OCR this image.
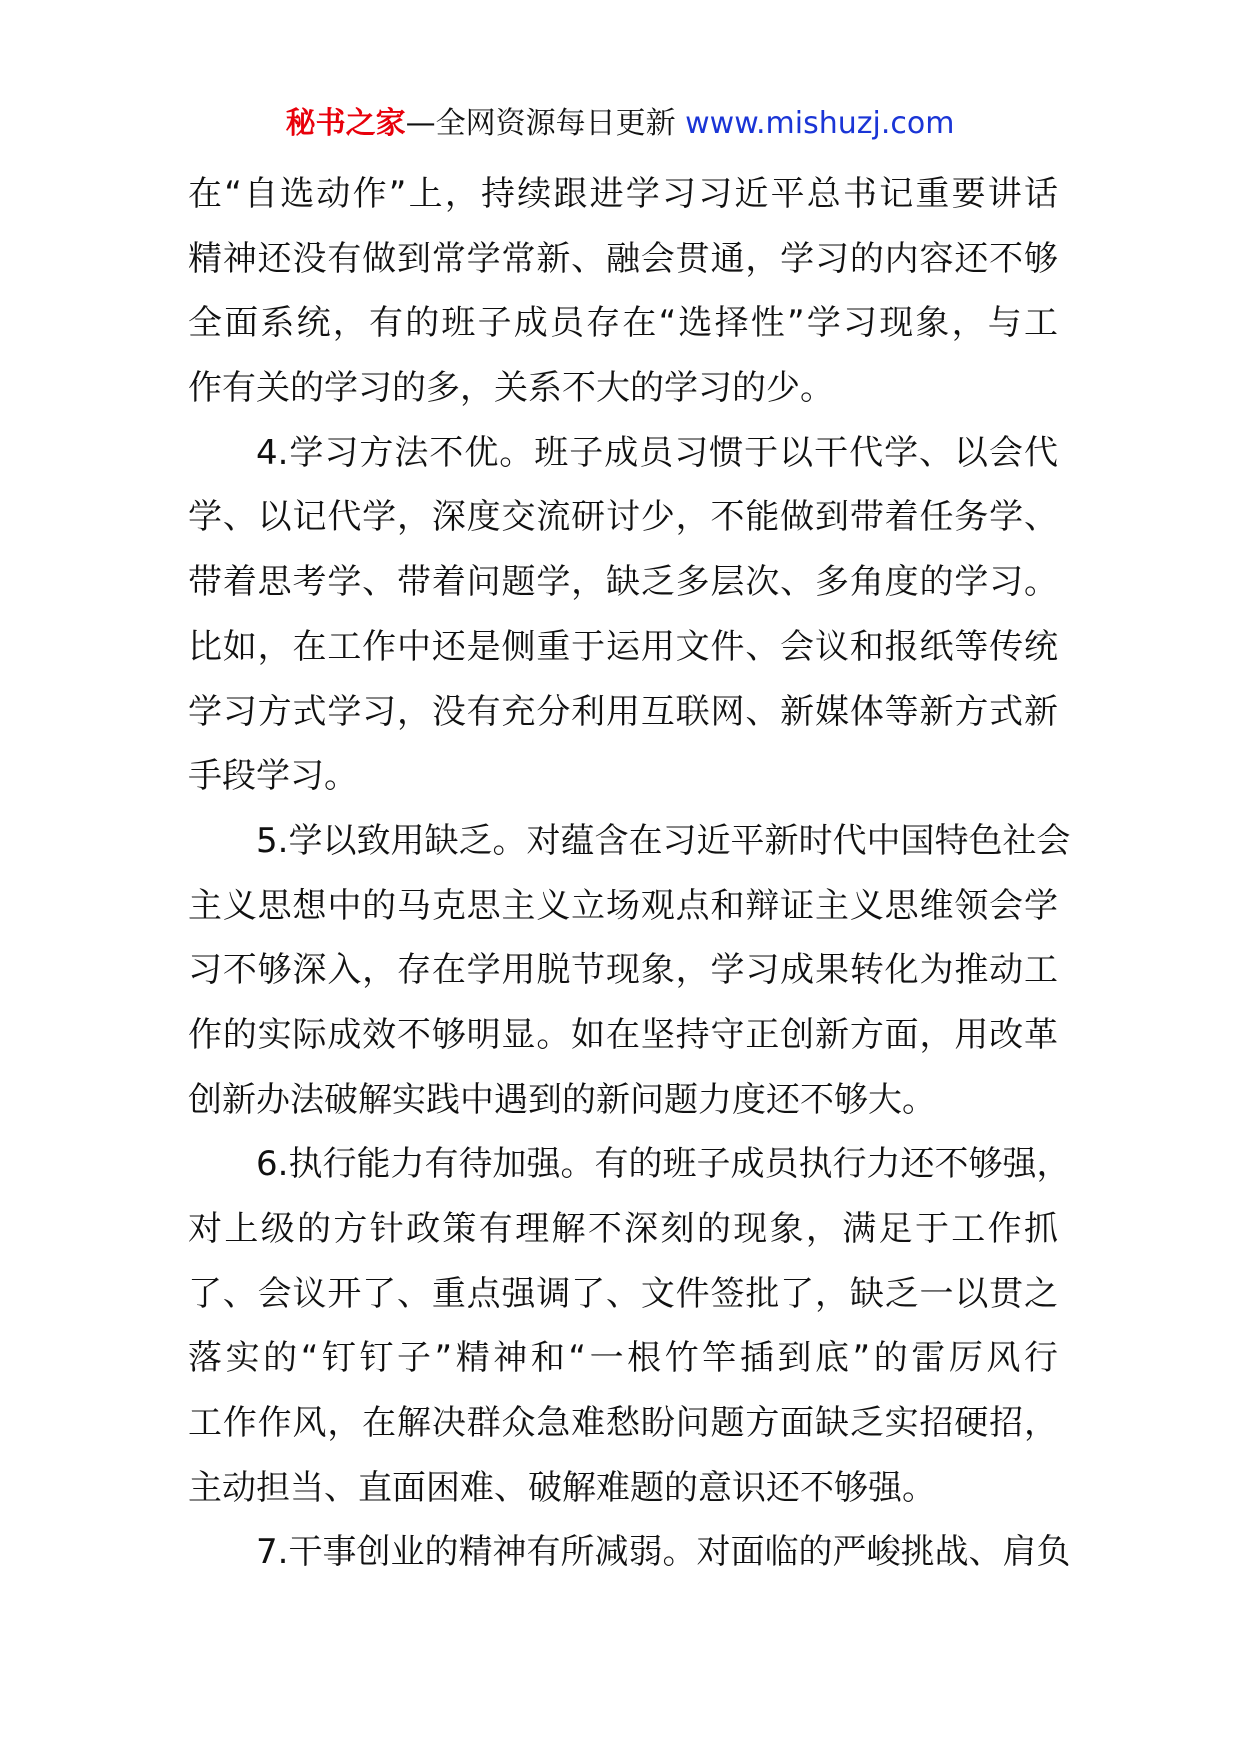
秘书之家—全网资源每日更新 www.mishuzj.com
在“自选动作”上，持续跟进学习习近平总书记重要讲话
精神还没有做到常学常新、融会贯通，学习的内容还不够
全面系统，有的班子成员存在“选择性”学习现象，与工
作有关的学习的多，关系不大的学习的少。
4.学习方法不优。班子成员习惯于以干代学、以会代
学、以记代学，深度交流研讨少，不能做到带着任务学、
带着思考学、带着问题学，缺乏多层次、多角度的学习。
比如，在工作中还是侧重于运用文件、会议和报纸等传统
学习方式学习，没有充分利用互联网、新媒体等新方式新
手段学习。
5.学以致用缺乏。对蕴含在习近平新时代中国特色社会
主义思想中的马克思主义立场观点和辩证主义思维领会学
习不够深入，存在学用脱节现象，学习成果转化为推动工
作的实际成效不够明显。如在坚持守正创新方面，用改革
创新办法破解实践中遇到的新问题力度还不够大。
6.执行能力有待加强。有的班子成员执行力还不够强，
对上级的方针政策有理解不深刻的现象，满足于工作抓
了、会议开了、重点强调了、文件签批了，缺乏一以贯之
落实的“钉钉子”精神和“一根竹竿插到底”的雷厉风行
工作作风，在解决群众急难愁盼问题方面缺乏实招硬招，
主动担当、直面困难、破解难题的意识还不够强。
7.干事创业的精神有所减弱。对面临的严峻挑战、肩负
